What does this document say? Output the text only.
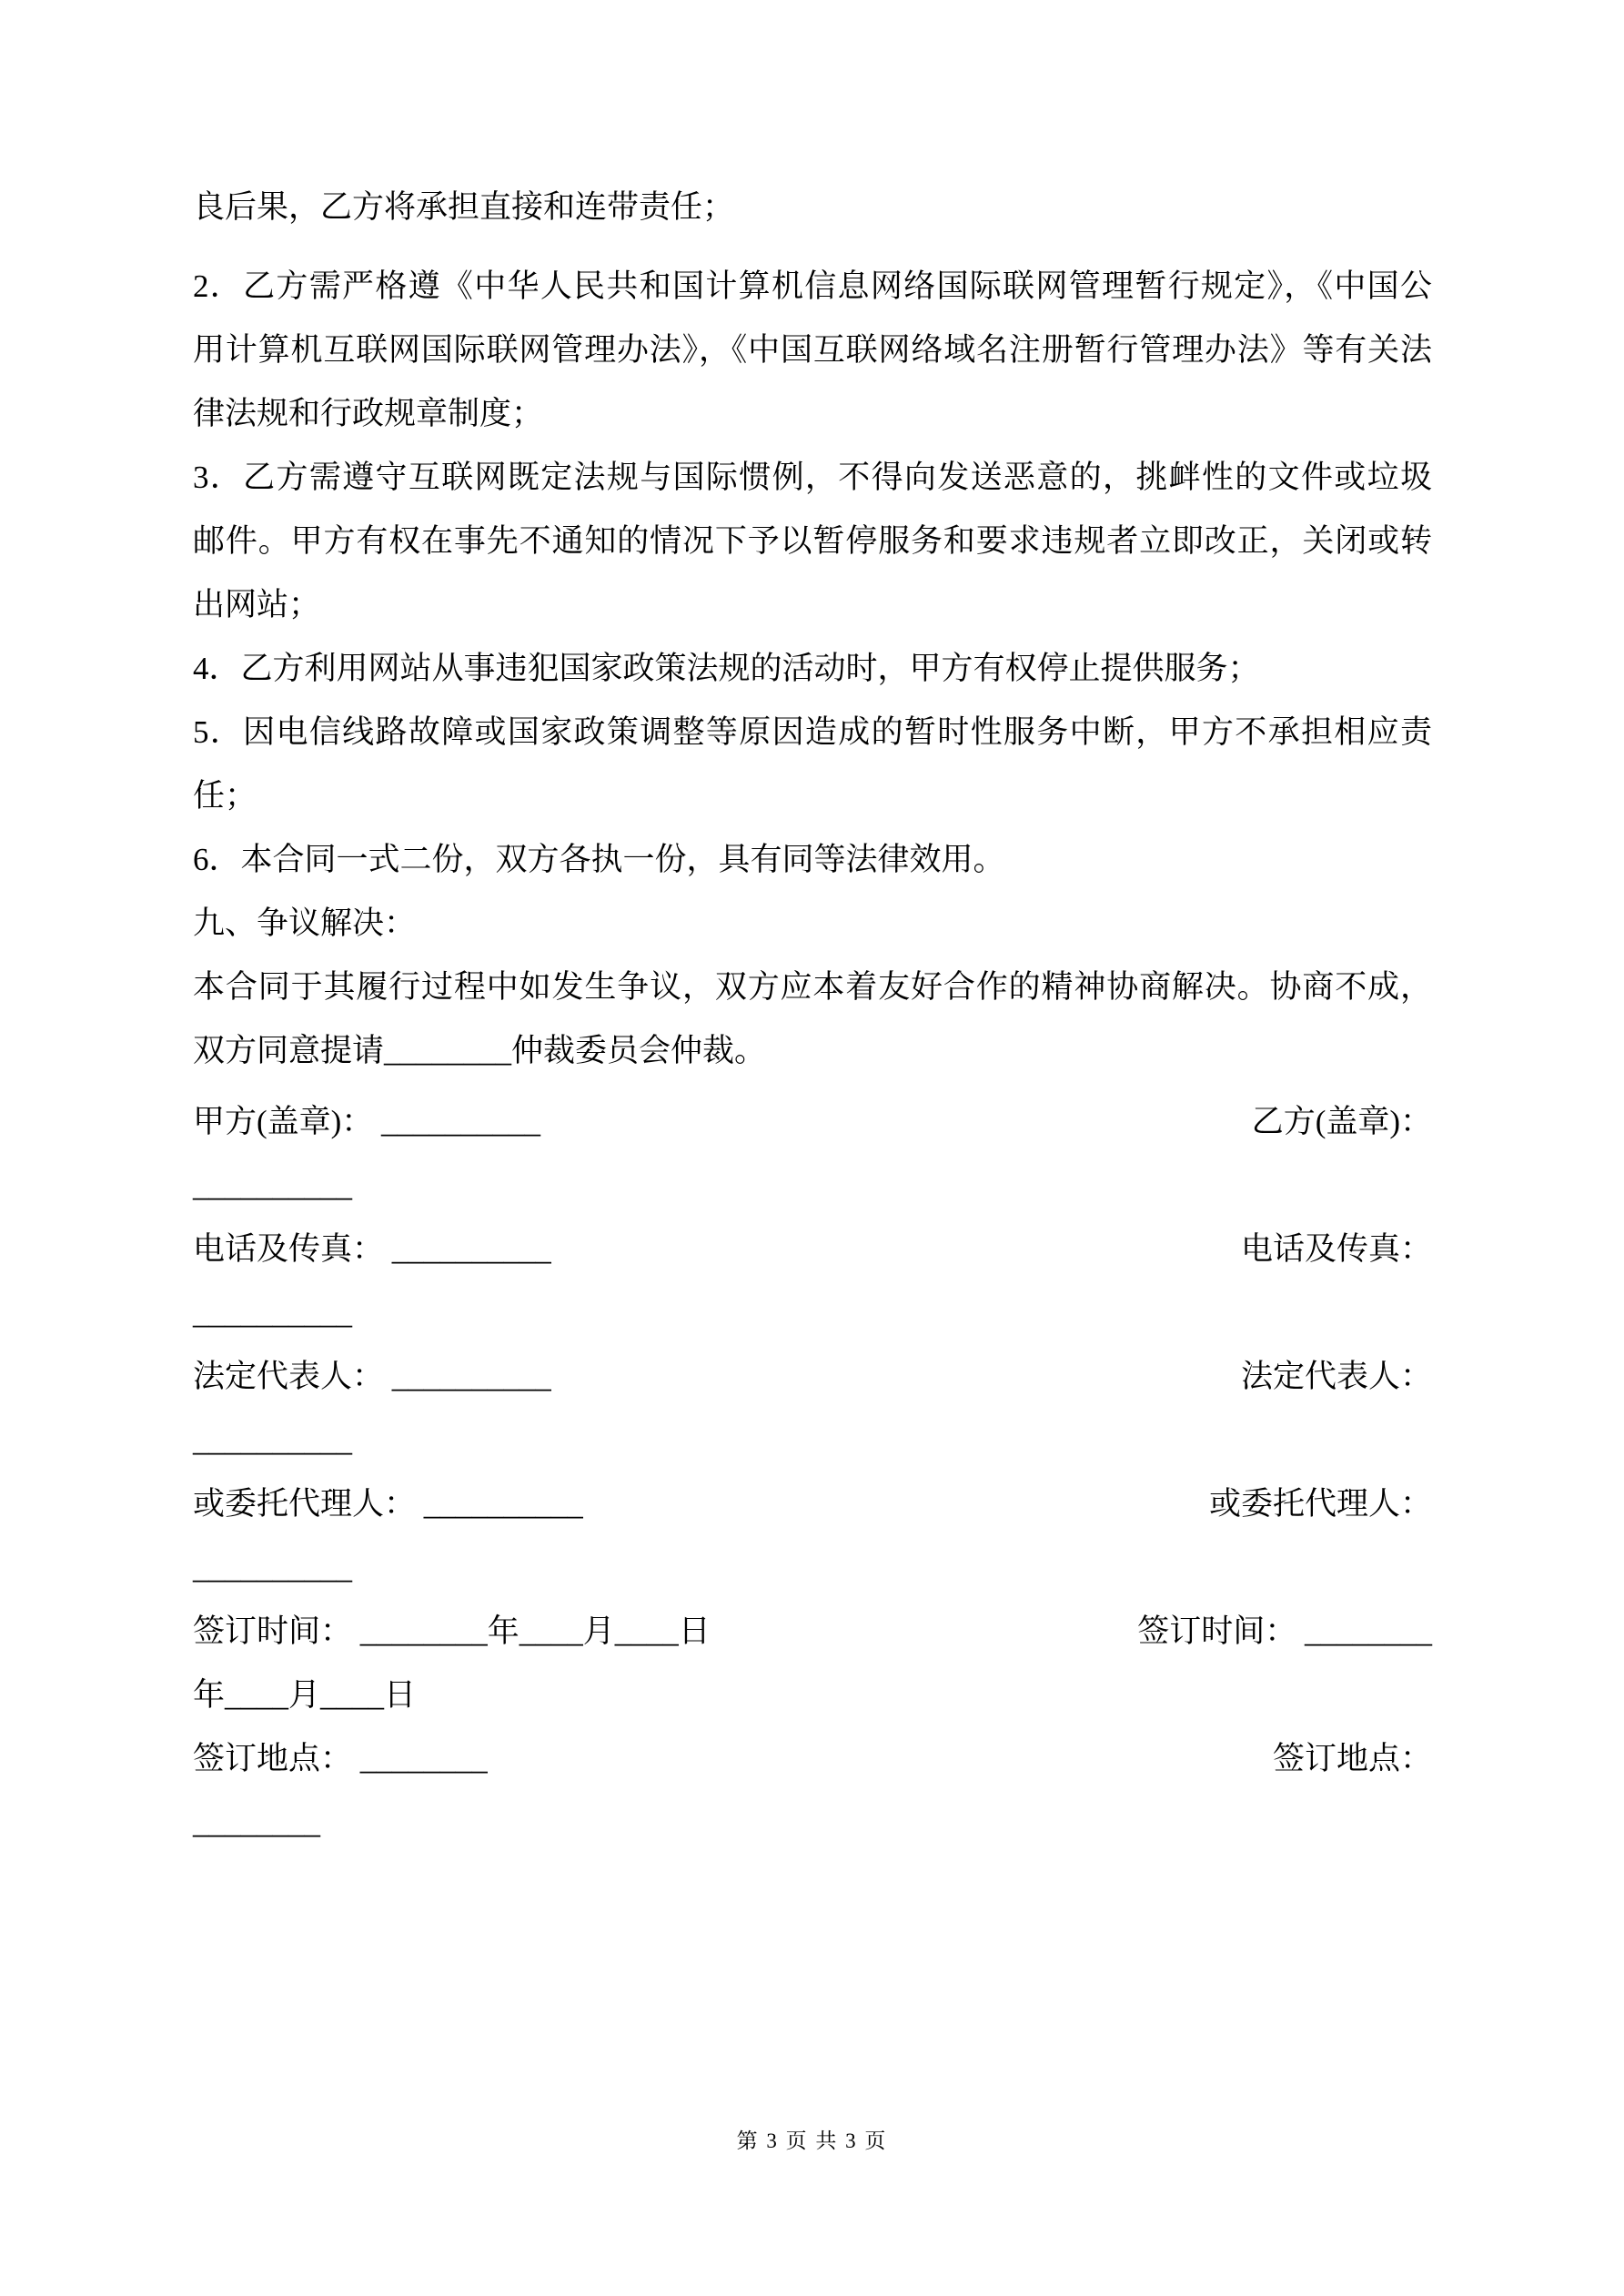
良后果，乙方将承担直接和连带责任；
2．乙方需严格遵《中华人民共和国计算机信息网络国际联网管理暂行规定》，《中国公
用计算机互联网国际联网管理办法》，《中国互联网络域名注册暂行管理办法》等有关法
律法规和行政规章制度；
3．乙方需遵守互联网既定法规与国际惯例，不得向发送恶意的，挑衅性的文件或垃圾
邮件。甲方有权在事先不通知的情况下予以暂停服务和要求违规者立即改正，关闭或转
出网站；
4．乙方利用网站从事违犯国家政策法规的活动时，甲方有权停止提供服务；
5．因电信线路故障或国家政策调整等原因造成的暂时性服务中断，甲方不承担相应责
任；
6．本合同一式二份，双方各执一份，具有同等法律效用。
九、争议解决：
本合同于其履行过程中如发生争议，双方应本着友好合作的精神协商解决。协商不成，
双方同意提请________仲裁委员会仲裁。
甲方(盖章)： __________	乙方(盖章)：
__________
电话及传真： __________	电话及传真：
__________
法定代表人： __________	法定代表人：
__________
或委托代理人： __________	或委托代理人：
__________
签订时间： ________年____月____日	签订时间： ________
年____月____日
签订地点： ________	签订地点：
________
第 3 页 共 3 页
